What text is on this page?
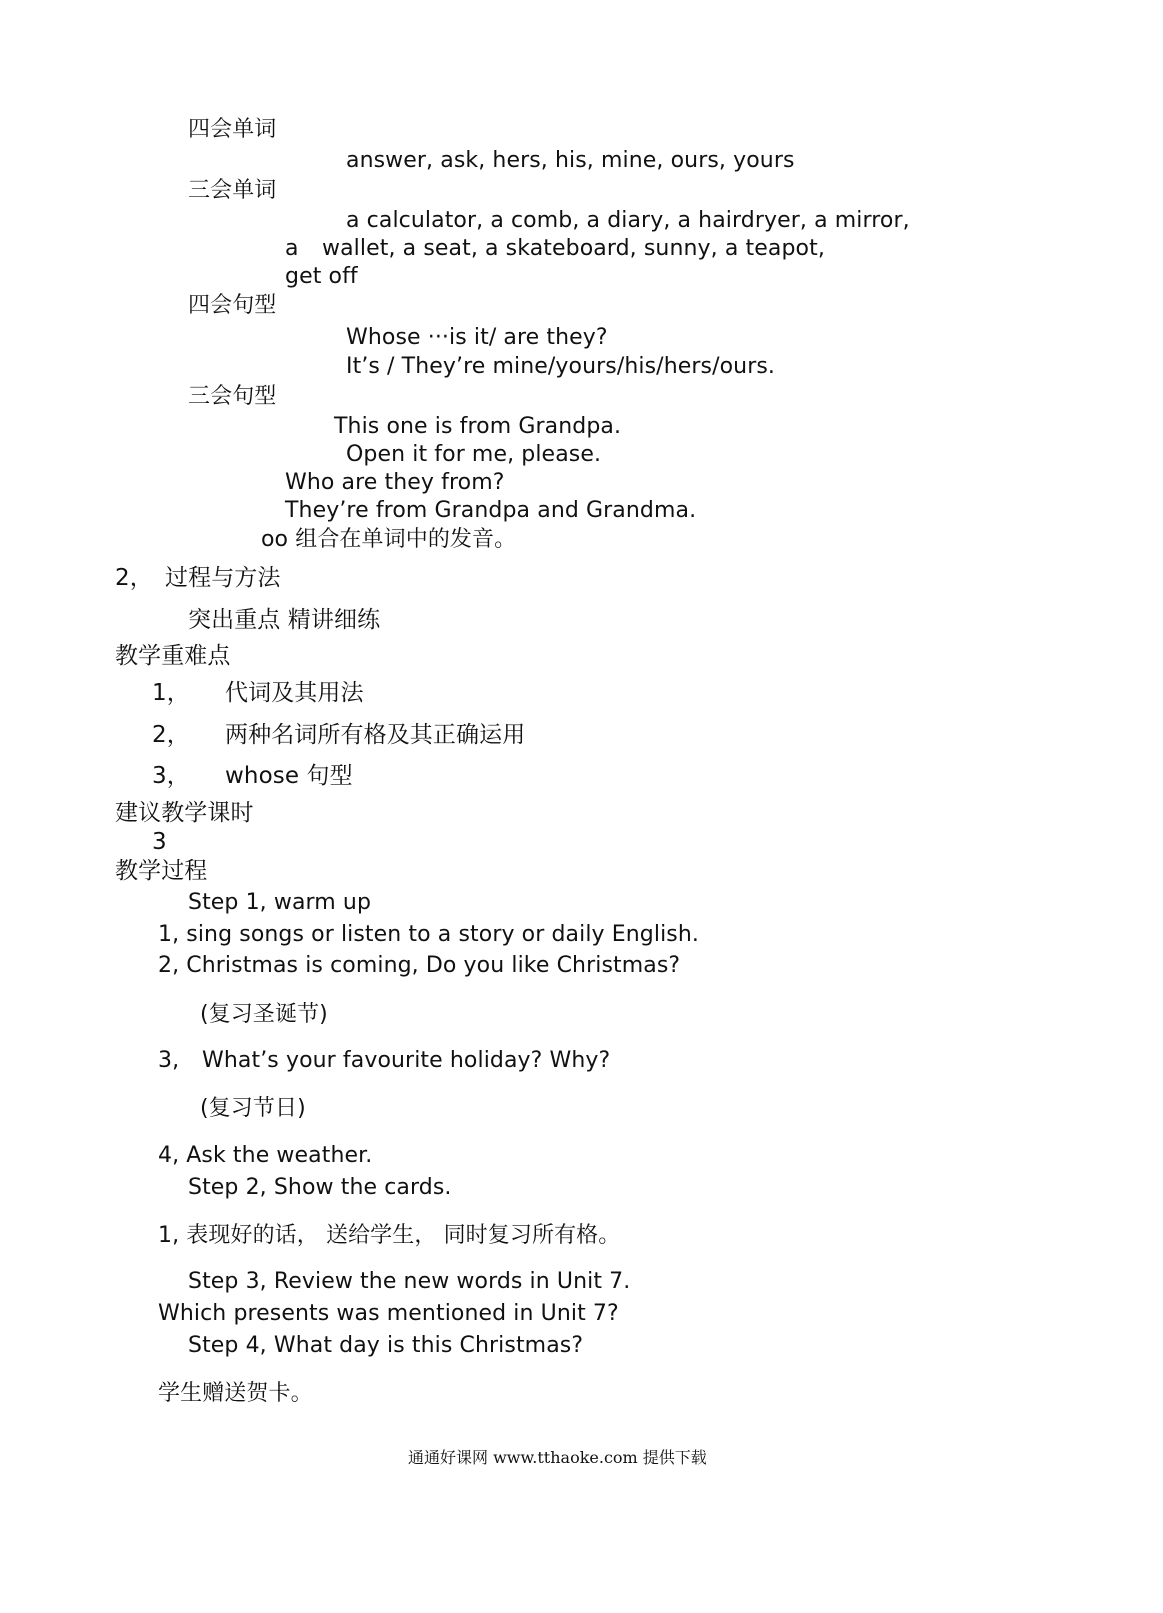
四会单词
answer, ask, hers, his, mine, ours, yours
三会单词
a calculator, a comb, a diary, a hairdryer, a mirror,
a wallet, a seat, a skateboard, sunny, a teapot,
get off
四会句型
Whose ···is it/ are they?
It’s / They’re mine/yours/his/hers/ours.
三会句型
This one is from Grandpa.
Open it for me, please.
Who are they from?
They’re from Grandpa and Grandma.
oo 组合在单词中的发音。
2， 过程与方法
突出重点 精讲细练
教学重难点
1， 代词及其用法
2， 两种名词所有格及其正确运用
3， whose 句型
建议教学课时
3
教学过程
Step 1, warm up
1, sing songs or listen to a story or daily English.
2, Christmas is coming, Do you like Christmas?
(复习圣诞节)
3, What’s your favourite holiday? Why?
(复习节日)
4, Ask the weather.
Step 2, Show the cards.
1, 表现好的话， 送给学生， 同时复习所有格。
Step 3, Review the new words in Unit 7.
Which presents was mentioned in Unit 7?
Step 4, What day is this Christmas?
学生赠送贺卡。
通通好课网 www.tthaoke.com 提供下载
